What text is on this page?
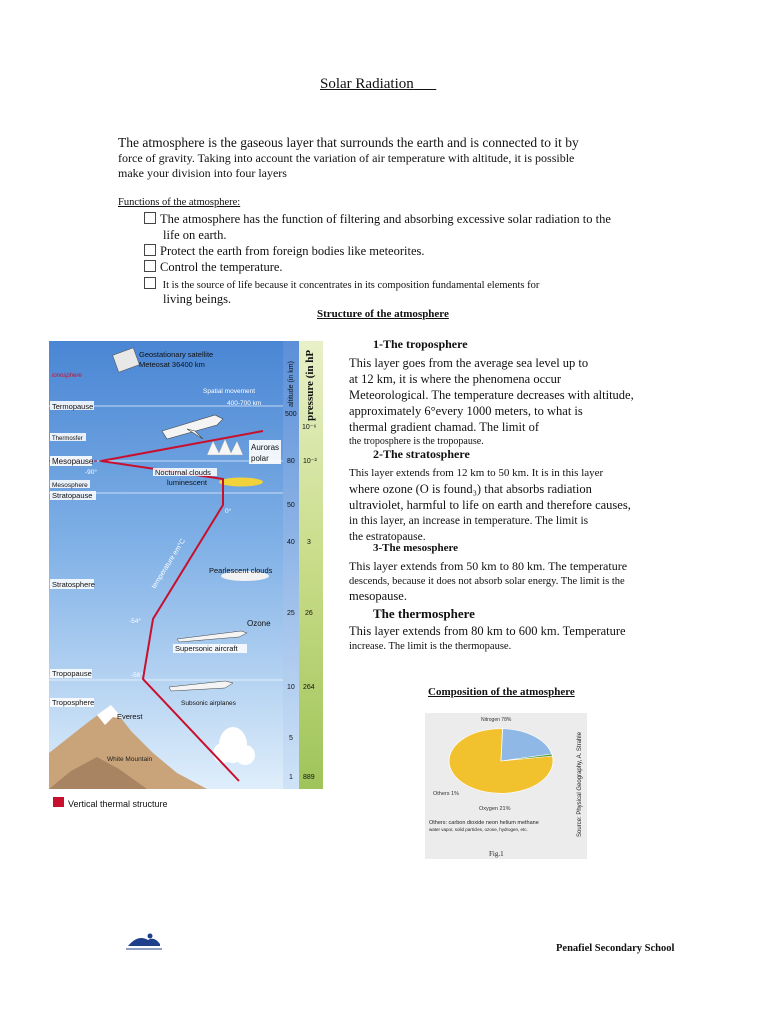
Solar Radiation
The atmosphere is the gaseous layer that surrounds the earth and is connected to it by
force of gravity. Taking into account the variation of air temperature with altitude, it is possible
make your division into four layers
Functions of the atmosphere:
The atmosphere has the function of filtering and absorbing excessive solar radiation to the
life on earth.
Protect the earth from foreign bodies like meteorites.
Control the temperature.
It is the source of life because it concentrates in its composition fundamental elements for
living beings.
Structure of the atmosphere
Geostationary satellite
Meteosat 36400 km
ionosphere
Spatial movement
400-700 km
Termopause
Thermosfer
Auroras
polar
Mesopause
-90°	Nocturnal clouds
luminescent
Mesosphere
Stratopause
0°
temperature em°C	Pearlescent clouds
Stratosphere
Ozone
-54°
Supersonic aircraft
Tropopause	-56°
Troposphere	Subsonic airplanes
Everest
White Mountain
altitude (in km) pressure (in hP
500
80
50
40
25
10
5
1
10⁻⁶
10⁻²
3
26
264
889
Vertical thermal structure
1-The troposphere
This layer goes from the average sea level up to
at 12 km, it is where the phenomena occur
Meteorological. The temperature decreases with altitude,
approximately 6°every 1000 meters, to what is
thermal gradient chamad. The limit of
the troposphere is the tropopause.
2-The stratosphere
This layer extends from 12 km to 50 km. It is in this layer
where ozone (O is found₃) that absorbs radiation
ultraviolet, harmful to life on earth and therefore causes,
in this layer, an increase in temperature. The limit is
the estratopause.
3-The mesosphere
This layer extends from 50 km to 80 km. The temperature
descends, because it does not absorb solar energy. The limit is the
mesopause.
The thermosphere
This layer extends from 80 km to 600 km. Temperature
increase. The limit is the thermopause.
Composition of the atmosphere
Nitrogen 78%
Others 1%
Oxygen 21%
Others: carbon dioxide neon helium methane
water vapor, solid particles, ozone, hydrogen, etc.
Fig.1
Source: Physical Geography, A. Strahle
Penafiel Secondary School
